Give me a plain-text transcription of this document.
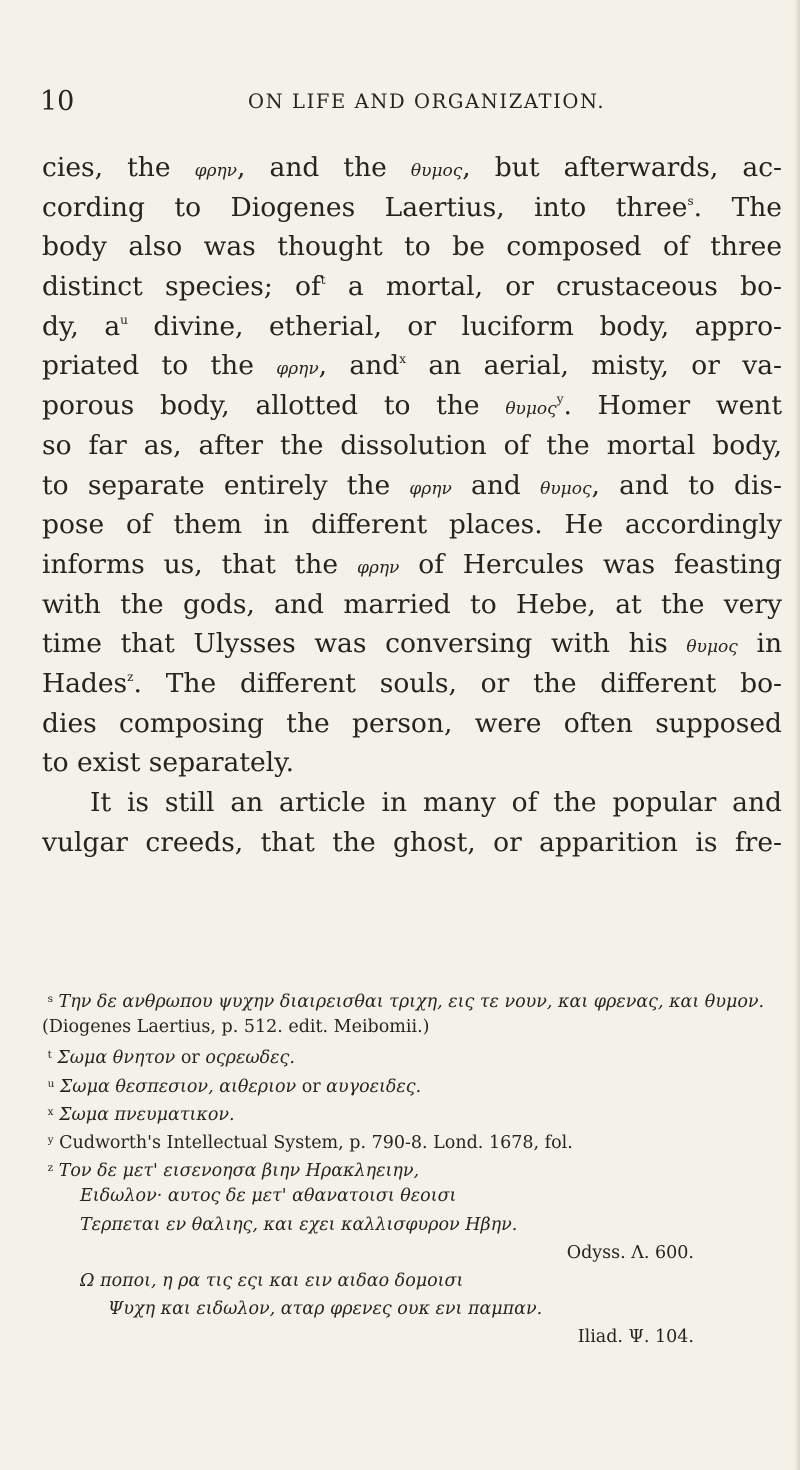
10	ON LIFE AND ORGANIZATION.
cies, the φρην, and the θυμος, but afterwards, ac-
cording to Diogenes Laertius, into three$^s$. The
body also was thought to be composed of three
distinct species; $of^t$ a mortal, or crustaceous bo-
dy, $a^u$ divine, etherial, or luciform body, appro-
priated to the φρην, and$^x$ an aerial, misty, or va-
porous body, allotted to the θυμος$^y$. Homer went
so far as, after the dissolution of the mortal body,
to separate entirely the φρην and θυμος, and to dis-
pose of them in different places. He accordingly
informs us, that the φρην of Hercules was feasting
with the gods, and married to Hebe, at the very
time that Ulysses was conversing with his θυμος in
Hades$^z$. The different souls, or the different bo-
dies composing the person, were often supposed
to exist separately.
It is still an article in many of the popular and
vulgar creeds, that the ghost, or apparition is fre-
$^s$ Την δε ανθρωπου ψυχην διαιρεισθαι τριχη, εις τε νουν, και φρενας, και θυμον.
(Diogenes Laertius, p. 512. edit. Meibomii.)
$^t$ Σωμα θνητον or οςρεωδες.
$^u$ Σωμα θεσπεσιον, αιθεριον or αυγοειδες.
$^x$ Σωμα πνευματικον.
$^y$ Cudworth's Intellectual System, p. 790-8. Lond. 1678, fol.
$^z$ Τον δε μετ' εισενοησα βιην Ηρακληειην,
Ειδωλον· αυτος δε μετ' αθανατοισι θεοισι
Τερπεται εν θαλιης, και εχει καλλισφυρον Ηβην.
Odyss. Λ. 600.
Ω ποποι, η ρα τις εςι και ειν αιδαο δομοισι
Ψυχη και ειδωλον, αταρ φρενες ουκ ενι παμπαν.
Iliad. Ψ. 104.
